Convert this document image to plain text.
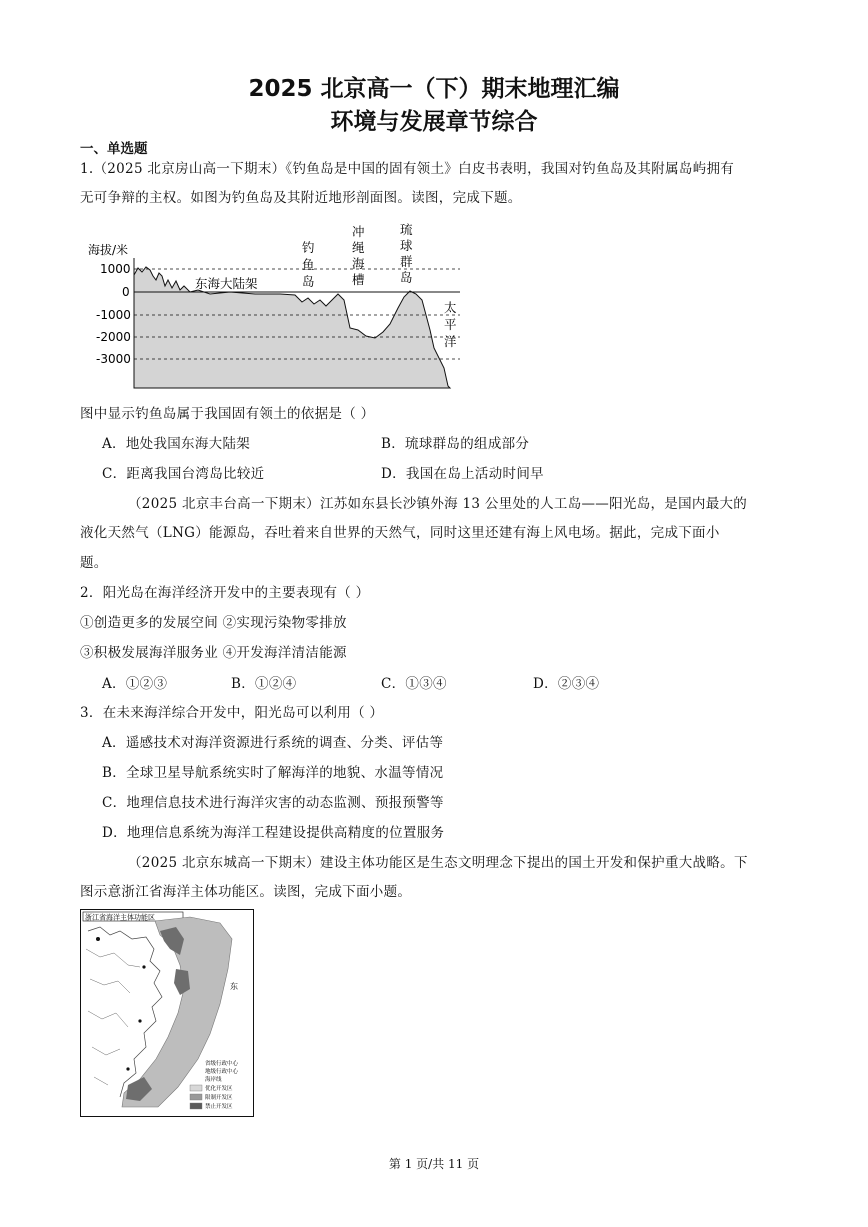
2025 北京高一（下）期末地理汇编
环境与发展章节综合
一、单选题
1.（2025 北京房山高一下期末）《钓鱼岛是中国的固有领土》白皮书表明，我国对钓鱼岛及其附属岛屿拥有
无可争辩的主权。如图为钓鱼岛及其附近地形剖面图。读图，完成下题。
海拔/米
1000
0
-1000
-2000
-3000
东海大陆架
钓
鱼
岛
冲
绳
海
槽
琉
球
群
岛
太
平
洋
图中显示钓鱼岛属于我国固有领土的依据是（ ）
A．地处我国东海大陆架	B．琉球群岛的组成部分
C．距离我国台湾岛比较近	D．我国在岛上活动时间早
（2025 北京丰台高一下期末）江苏如东县长沙镇外海 13 公里处的人工岛——阳光岛，是国内最大的
液化天然气（LNG）能源岛，吞吐着来自世界的天然气，同时这里还建有海上风电场。据此，完成下面小
题。
2．阳光岛在海洋经济开发中的主要表现有（ ）
①创造更多的发展空间 ②实现污染物零排放
③积极发展海洋服务业 ④开发海洋清洁能源
A．①②③	B．①②④	C．①③④	D．②③④
3．在未来海洋综合开发中，阳光岛可以利用（ ）
A．遥感技术对海洋资源进行系统的调查、分类、评估等
B．全球卫星导航系统实时了解海洋的地貌、水温等情况
C．地理信息技术进行海洋灾害的动态监测、预报预警等
D．地理信息系统为海洋工程建设提供高精度的位置服务
（2025 北京东城高一下期末）建设主体功能区是生态文明理念下提出的国土开发和保护重大战略。下
图示意浙江省海洋主体功能区。读图，完成下面小题。
浙江省海洋主体功能区
东
省级行政中心
地级行政中心
海岸线
优化开发区
限制开发区
禁止开发区
第 1 页/共 11 页
